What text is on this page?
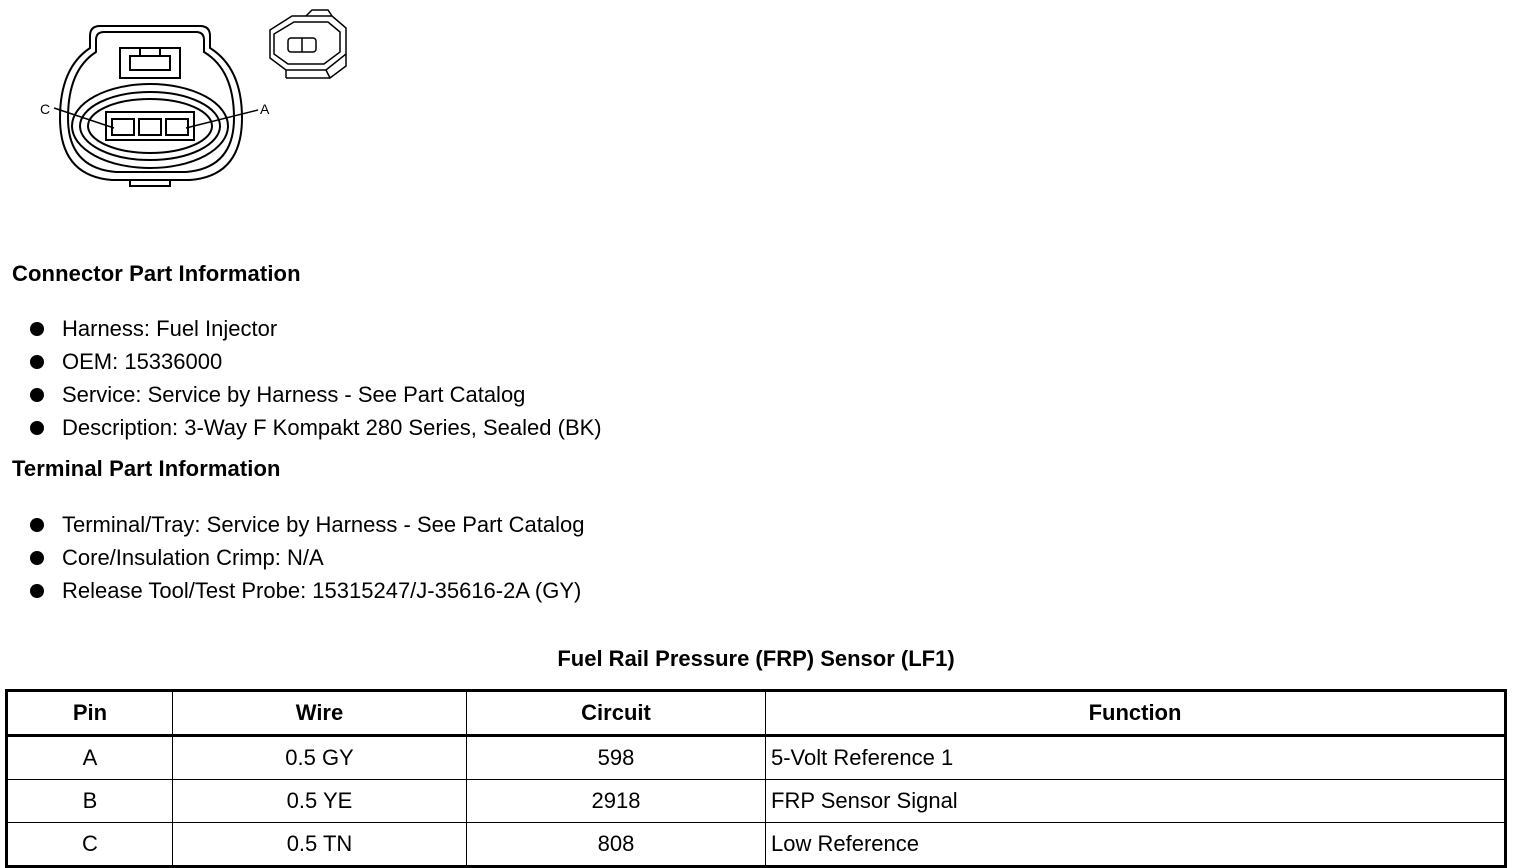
C	A
Connector Part Information
Harness: Fuel Injector
OEM: 15336000
Service: Service by Harness - See Part Catalog
Description: 3-Way F Kompakt 280 Series, Sealed (BK)
Terminal Part Information
Terminal/Tray: Service by Harness - See Part Catalog
Core/Insulation Crimp: N/A
Release Tool/Test Probe: 15315247/J-35616-2A (GY)
Fuel Rail Pressure (FRP) Sensor (LF1)
Pin	Wire	Circuit	Function
A	0.5 GY	598	5-Volt Reference 1
B	0.5 YE	2918	FRP Sensor Signal
C	0.5 TN	808	Low Reference
